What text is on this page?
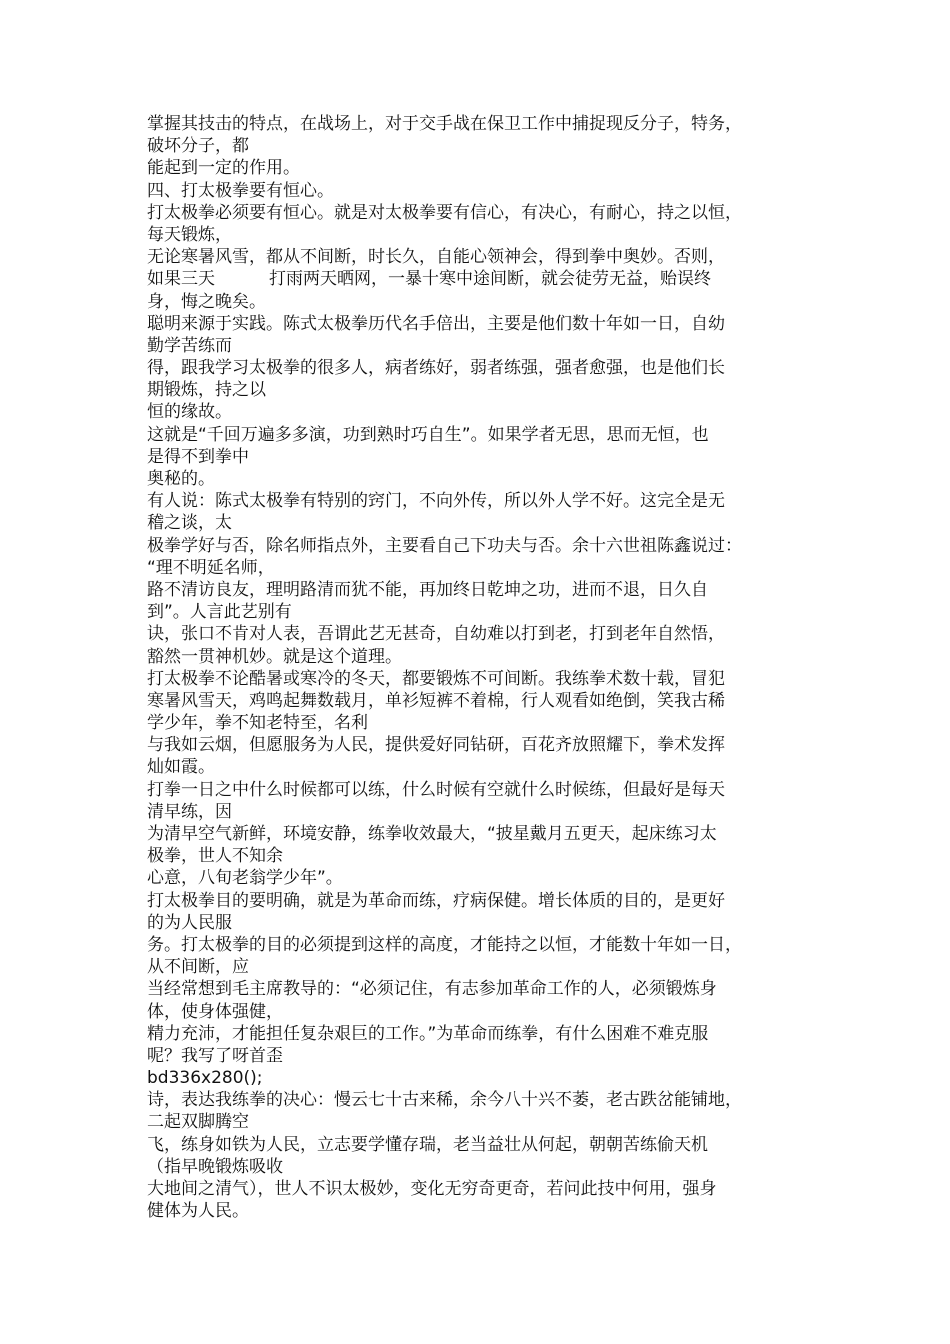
掌握其技击的特点，在战场上，对于交手战在保卫工作中捕捉现反分子，特务，
破坏分子，都
能起到一定的作用。
四、打太极拳要有恒心。
打太极拳必须要有恒心。就是对太极拳要有信心，有决心，有耐心，持之以恒，
每天锻炼，
无论寒暑风雪，都从不间断，时长久，自能心领神会，得到拳中奥妙。否则，
如果三天          打雨两天晒网，一暴十寒中途间断，就会徒劳无益，贻误终
身，悔之晚矣。
聪明来源于实践。陈式太极拳历代名手倍出，主要是他们数十年如一日，自幼
勤学苦练而
得，跟我学习太极拳的很多人，病者练好，弱者练强，强者愈强，也是他们长
期锻炼，持之以
恒的缘故。
这就是“千回万遍多多演，功到熟时巧自生”。如果学者无思，思而无恒，也
是得不到拳中
奥秘的。
有人说：陈式太极拳有特别的窍门，不向外传，所以外人学不好。这完全是无
稽之谈，太
极拳学好与否，除名师指点外，主要看自己下功夫与否。余十六世祖陈鑫说过：
“理不明延名师，
路不清访良友，理明路清而犹不能，再加终日乾坤之功，进而不退，日久自
到”。人言此艺别有
诀，张口不肯对人表，吾谓此艺无甚奇，自幼难以打到老，打到老年自然悟，
豁然一贯神机妙。就是这个道理。
打太极拳不论酷暑或寒冷的冬天，都要锻炼不可间断。我练拳术数十载，冒犯
寒暑风雪天，鸡鸣起舞数载月，单衫短裤不着棉，行人观看如绝倒，笑我古稀
学少年，拳不知老特至，名利
与我如云烟，但愿服务为人民，提供爱好同钻研，百花齐放照耀下，拳术发挥
灿如霞。
打拳一日之中什么时候都可以练，什么时候有空就什么时候练，但最好是每天
清早练，因
为清早空气新鲜，环境安静，练拳收效最大，“披星戴月五更天，起床练习太
极拳，世人不知余
心意，八旬老翁学少年”。
打太极拳目的要明确，就是为革命而练，疗病保健。增长体质的目的，是更好
的为人民服
务。打太极拳的目的必须提到这样的高度，才能持之以恒，才能数十年如一日，
从不间断，应
当经常想到毛主席教导的：“必须记住，有志参加革命工作的人，必须锻炼身
体，使身体强健，
精力充沛，才能担任复杂艰巨的工作。”为革命而练拳，有什么困难不难克服
呢？我写了呀首歪
bd336x280();
诗，表达我练拳的决心：慢云七十古来稀，余今八十兴不萎，老古跌岔能铺地，
二起双脚腾空
飞，练身如铁为人民，立志要学懂存瑞，老当益壮从何起，朝朝苦练偷天机
（指早晚锻炼吸收
大地间之清气），世人不识太极妙，变化无穷奇更奇，若问此技中何用，强身
健体为人民。
